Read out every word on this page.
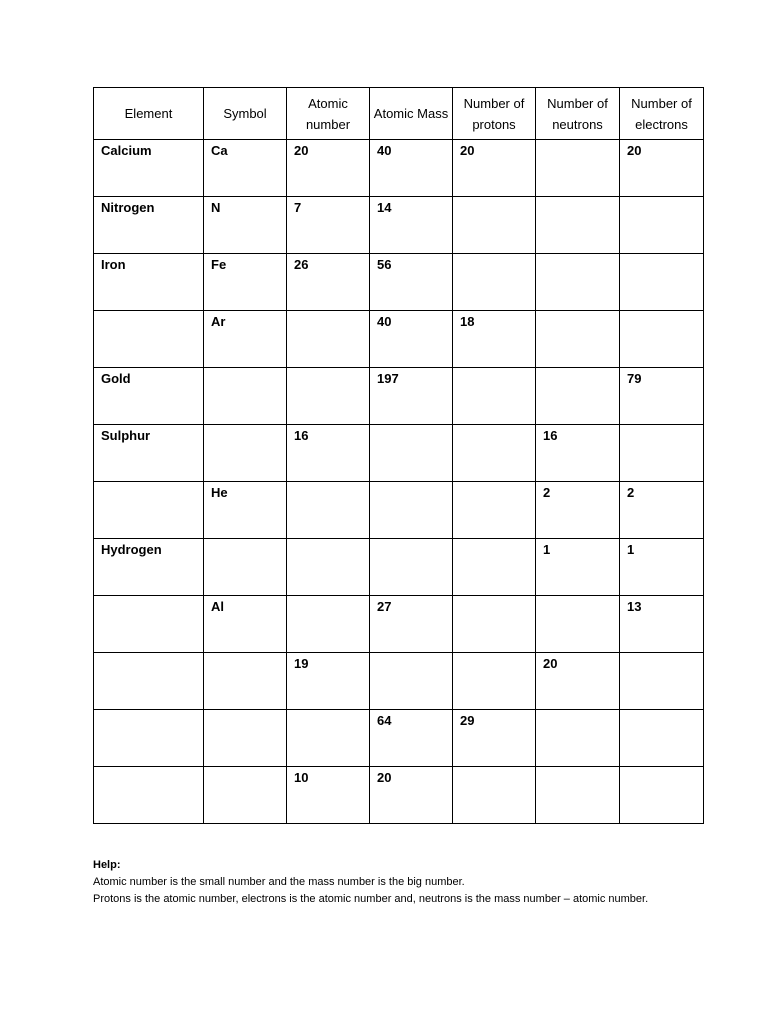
Element	Symbol	Atomic number	Atomic Mass	Number of protons	Number of neutrons	Number of electrons
Calcium	Ca	20	40	20		20
Nitrogen	N	7	14			
Iron	Fe	26	56			
	Ar		40	18		
Gold			197			79
Sulphur		16			16	
	He				2	2
Hydrogen					1	1
	Al		27			13
		19			20	
			64	29		
		10	20			

Help:

Atomic number is the small number and the mass number is the big number.

Protons is the atomic number, electrons is the atomic number and, neutrons is the mass number – atomic number.
